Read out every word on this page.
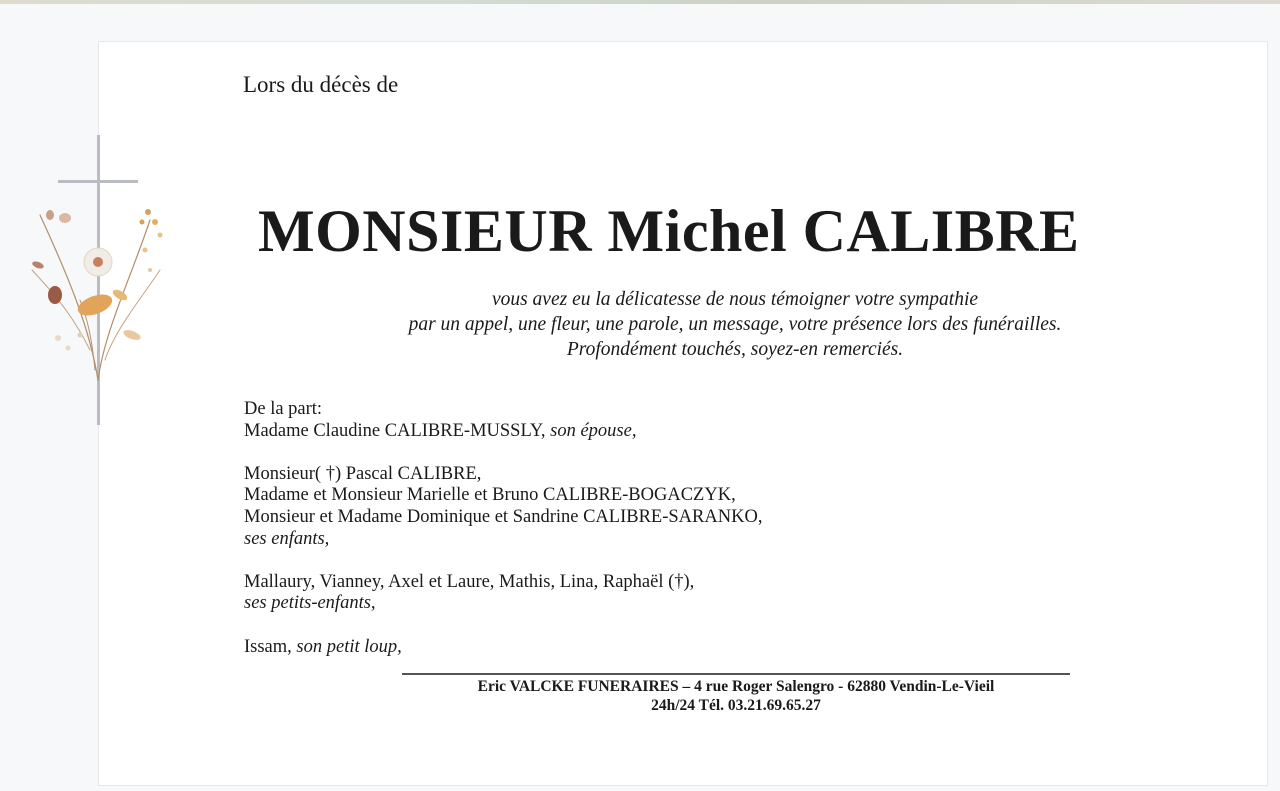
Lors du décès de
MONSIEUR Michel CALIBRE
vous avez eu la délicatesse de nous témoigner votre sympathie
par un appel, une fleur, une parole, un message, votre présence lors des funérailles.
Profondément touchés, soyez-en remerciés.
De la part:
Madame Claudine CALIBRE-MUSSLY, son épouse,
Monsieur( †) Pascal CALIBRE,
Madame et Monsieur Marielle et Bruno CALIBRE-BOGACZYK,
Monsieur et Madame Dominique et Sandrine CALIBRE-SARANKO,
ses enfants,
Mallaury, Vianney, Axel et Laure, Mathis, Lina, Raphaël (†),
ses petits-enfants,
Issam, son petit loup,
Eric VALCKE FUNERAIRES – 4 rue Roger Salengro - 62880 Vendin-Le-Vieil
24h/24 Tél. 03.21.69.65.27
